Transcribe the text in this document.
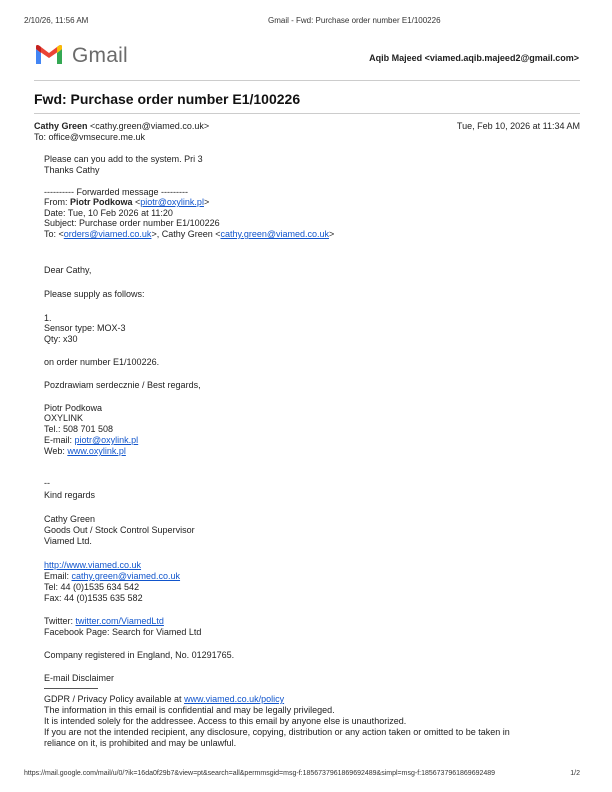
2/10/26, 11:56 AM	Gmail - Fwd: Purchase order number E1/100226
Gmail	Aqib Majeed <viamed.aqib.majeed2@gmail.com>
Fwd: Purchase order number E1/100226
Cathy Green <cathy.green@viamed.co.uk>	Tue, Feb 10, 2026 at 11:34 AM
To: office@vmsecure.me.uk
Please can you add to the system. Pri 3
Thanks Cathy
---------- Forwarded message ---------
From: Piotr Podkowa <piotr@oxylink.pl>
Date: Tue, 10 Feb 2026 at 11:20
Subject: Purchase order number E1/100226
To: <orders@viamed.co.uk>, Cathy Green <cathy.green@viamed.co.uk>
Dear Cathy,
Please supply as follows:
1.
Sensor type: MOX-3
Qty: x30
on order number E1/100226.
Pozdrawiam serdecznie / Best regards,
Piotr Podkowa
OXYLINK
Tel.: 508 701 508
E-mail: piotr@oxylink.pl
Web: www.oxylink.pl
--
Kind regards
Cathy Green
Goods Out / Stock Control Supervisor
Viamed Ltd.
http://www.viamed.co.uk
Email: cathy.green@viamed.co.uk
Tel: 44 (0)1535 634 542
Fax: 44 (0)1535 635 582
Twitter: twitter.com/ViamedLtd
Facebook Page: Search for Viamed Ltd
Company registered in England, No. 01291765.
E-mail Disclaimer
GDPR / Privacy Policy available at www.viamed.co.uk/policy
The information in this email is confidential and may be legally privileged.
It is intended solely for the addressee. Access to this email by anyone else is unauthorized.
If you are not the intended recipient, any disclosure, copying, distribution or any action taken or omitted to be taken in
reliance on it, is prohibited and may be unlawful.
https://mail.google.com/mail/u/0/?ik=16da0f29b7&view=pt&search=all&permmsgid=msg-f:1856737961869692489&simpl=msg-f:1856737961869692489	1/2
